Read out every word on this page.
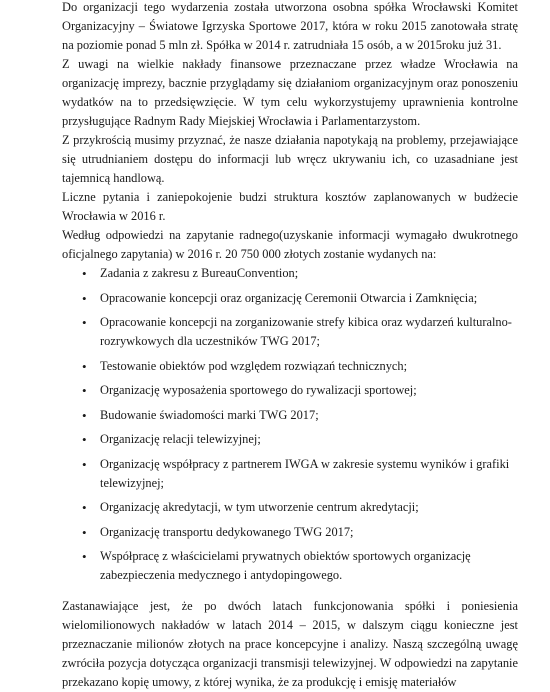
Do organizacji tego wydarzenia została utworzona osobna spółka Wrocławski Komitet Organizacyjny – Światowe Igrzyska Sportowe 2017, która w roku 2015 zanotowała stratę na poziomie ponad 5 mln zł. Spółka w 2014 r. zatrudniała 15 osób, a w 2015roku już 31.

Z uwagi na wielkie nakłady finansowe przeznaczane przez władze Wrocławia na organizację imprezy, bacznie przyglądamy się działaniom organizacyjnym oraz ponoszeniu wydatków na to przedsięwzięcie. W tym celu wykorzystujemy uprawnienia kontrolne przysługujące Radnym Rady Miejskiej Wrocławia i Parlamentarzystom.

Z przykrością musimy przyznać, że nasze działania napotykają na problemy, przejawiające się utrudnianiem dostępu do informacji lub wręcz ukrywaniu ich, co uzasadniane jest tajemnicą handlową.

Liczne pytania i zaniepokojenie budzi struktura kosztów zaplanowanych w budżecie Wrocławia w 2016 r.

Według odpowiedzi na zapytanie radnego(uzyskanie informacji wymagało dwukrotnego oficjalnego zapytania) w 2016 r. 20 750 000 złotych zostanie wydanych na:

• Zadania z zakresu z BureauConvention;
• Opracowanie koncepcji oraz organizację Ceremonii Otwarcia i Zamknięcia;
• Opracowanie koncepcji na zorganizowanie strefy kibica oraz wydarzeń kulturalno-rozrywkowych dla uczestników TWG 2017;
• Testowanie obiektów pod względem rozwiązań technicznych;
• Organizację wyposażenia sportowego do rywalizacji sportowej;
• Budowanie świadomości marki TWG 2017;
• Organizację relacji telewizyjnej;
• Organizację współpracy z partnerem IWGA w zakresie systemu wyników i grafiki telewizyjnej;
• Organizację akredytacji, w tym utworzenie centrum akredytacji;
• Organizację transportu dedykowanego TWG 2017;
• Współpracę z właścicielami prywatnych obiektów sportowych organizację zabezpieczenia medycznego i antydopingowego.

Zastanawiające jest, że po dwóch latach funkcjonowania spółki i poniesienia wielomilionowych nakładów w latach 2014 – 2015, w dalszym ciągu konieczne jest przeznaczanie milionów złotych na prace koncepcyjne i analizy. Naszą szczególną uwagę zwróciła pozycja dotycząca organizacji transmisji telewizyjnej. W odpowiedzi na zapytanie przekazano kopię umowy, z której wynika, że za produkcję i emisję materiałów
